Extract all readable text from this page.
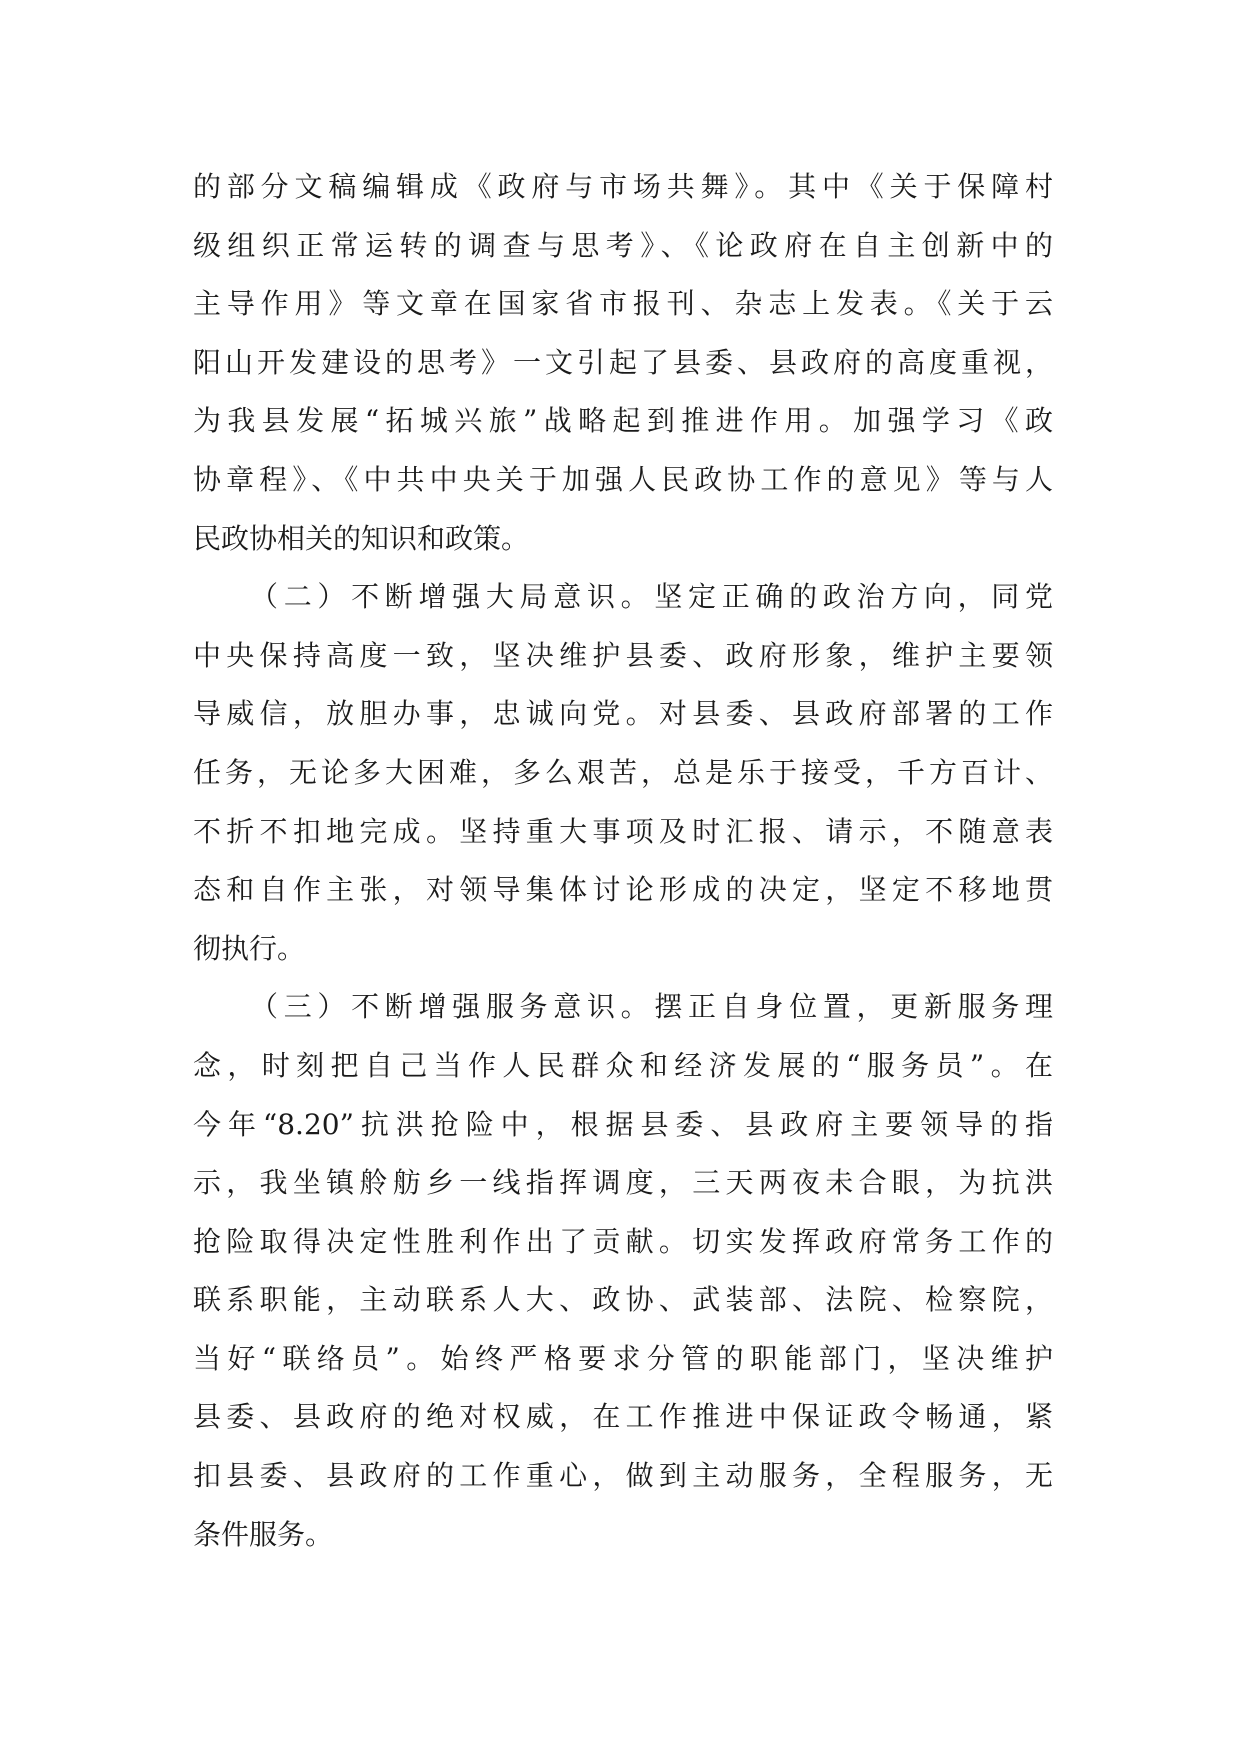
的部分文稿编辑成《政府与市场共舞》。其中《关于保障村
级组织正常运转的调查与思考》、《论政府在自主创新中的
主导作用》等文章在国家省市报刊、杂志上发表。《关于云
阳山开发建设的思考》一文引起了县委、县政府的高度重视，
为我县发展“拓城兴旅”战略起到推进作用。加强学习《政
协章程》、《中共中央关于加强人民政协工作的意见》等与人
民政协相关的知识和政策。
（二）不断增强大局意识。坚定正确的政治方向，同党
中央保持高度一致，坚决维护县委、政府形象，维护主要领
导威信，放胆办事，忠诚向党。对县委、县政府部署的工作
任务，无论多大困难，多么艰苦，总是乐于接受，千方百计、
不折不扣地完成。坚持重大事项及时汇报、请示，不随意表
态和自作主张，对领导集体讨论形成的决定，坚定不移地贯
彻执行。
（三）不断增强服务意识。摆正自身位置，更新服务理
念，时刻把自己当作人民群众和经济发展的“服务员”。在
今年“8.20”抗洪抢险中，根据县委、县政府主要领导的指
示，我坐镇舲舫乡一线指挥调度，三天两夜未合眼，为抗洪
抢险取得决定性胜利作出了贡献。切实发挥政府常务工作的
联系职能，主动联系人大、政协、武装部、法院、检察院，
当好“联络员”。始终严格要求分管的职能部门，坚决维护
县委、县政府的绝对权威，在工作推进中保证政令畅通，紧
扣县委、县政府的工作重心，做到主动服务，全程服务，无
条件服务。
